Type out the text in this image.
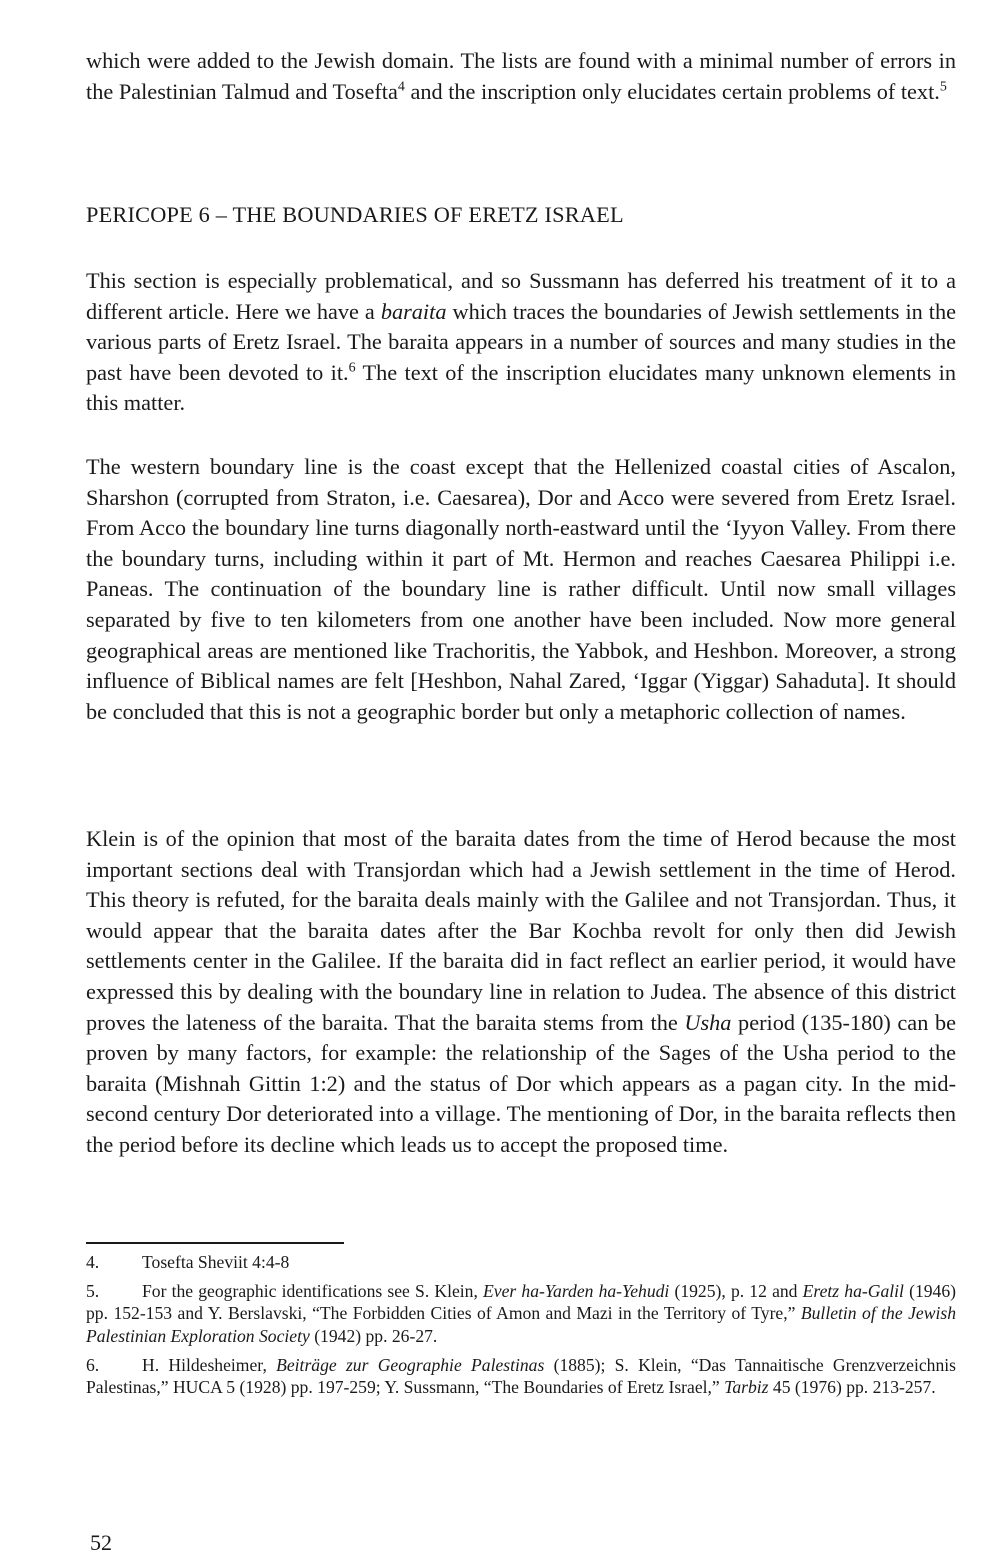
which were added to the Jewish domain. The lists are found with a minimal number of errors in the Palestinian Talmud and Tosefta$^4$ and the inscription only elucidates certain problems of text.$^5$

PERICOPE 6 – THE BOUNDARIES OF ERETZ ISRAEL

This section is especially problematical, and so Sussmann has deferred his treatment of it to a different article. Here we have a baraita which traces the boundaries of Jewish settlements in the various parts of Eretz Israel. The baraita appears in a number of sources and many studies in the past have been devoted to it.$^6$ The text of the inscription elucidates many unknown elements in this matter.

The western boundary line is the coast except that the Hellenized coastal cities of Ascalon, Sharshon (corrupted from Straton, i.e. Caesarea), Dor and Acco were severed from Eretz Israel. From Acco the boundary line turns diagonally north-eastward until the ‘Iyyon Valley. From there the boundary turns, including within it part of Mt. Hermon and reaches Caesarea Philippi i.e. Paneas. The continuation of the boundary line is rather difficult. Until now small villages separated by five to ten kilometers from one another have been included. Now more general geographical areas are mentioned like Trachoritis, the Yabbok, and Heshbon. Moreover, a strong influence of Biblical names are felt [Heshbon, Nahal Zared, ‘Iggar (Yiggar) Sahaduta]. It should be concluded that this is not a geographic border but only a metaphoric collection of names.

Klein is of the opinion that most of the baraita dates from the time of Herod because the most important sections deal with Transjordan which had a Jewish settlement in the time of Herod. This theory is refuted, for the baraita deals mainly with the Galilee and not Transjordan. Thus, it would appear that the baraita dates after the Bar Kochba revolt for only then did Jewish settlements center in the Galilee. If the baraita did in fact reflect an earlier period, it would have expressed this by dealing with the boundary line in relation to Judea. The absence of this district proves the lateness of the baraita. That the baraita stems from the Usha period (135-180) can be proven by many factors, for example: the relationship of the Sages of the Usha period to the baraita (Mishnah Gittin 1:2) and the status of Dor which appears as a pagan city. In the mid-second century Dor deteriorated into a village. The mentioning of Dor, in the baraita reflects then the period before its decline which leads us to accept the proposed time.

4. Tosefta Sheviit 4:4-8
5. For the geographic identifications see S. Klein, Ever ha-Yarden ha-Yehudi (1925), p. 12 and Eretz ha-Galil (1946) pp. 152-153 and Y. Berslavski, “The Forbidden Cities of Amon and Mazi in the Territory of Tyre,” Bulletin of the Jewish Palestinian Exploration Society (1942) pp. 26-27.
6. H. Hildesheimer, Beiträge zur Geographie Palestinas (1885); S. Klein, “Das Tannaitische Grenzverzeichnis Palestinas,” HUCA 5 (1928) pp. 197-259; Y. Sussmann, “The Boundaries of Eretz Israel,” Tarbiz 45 (1976) pp. 213-257.
52
